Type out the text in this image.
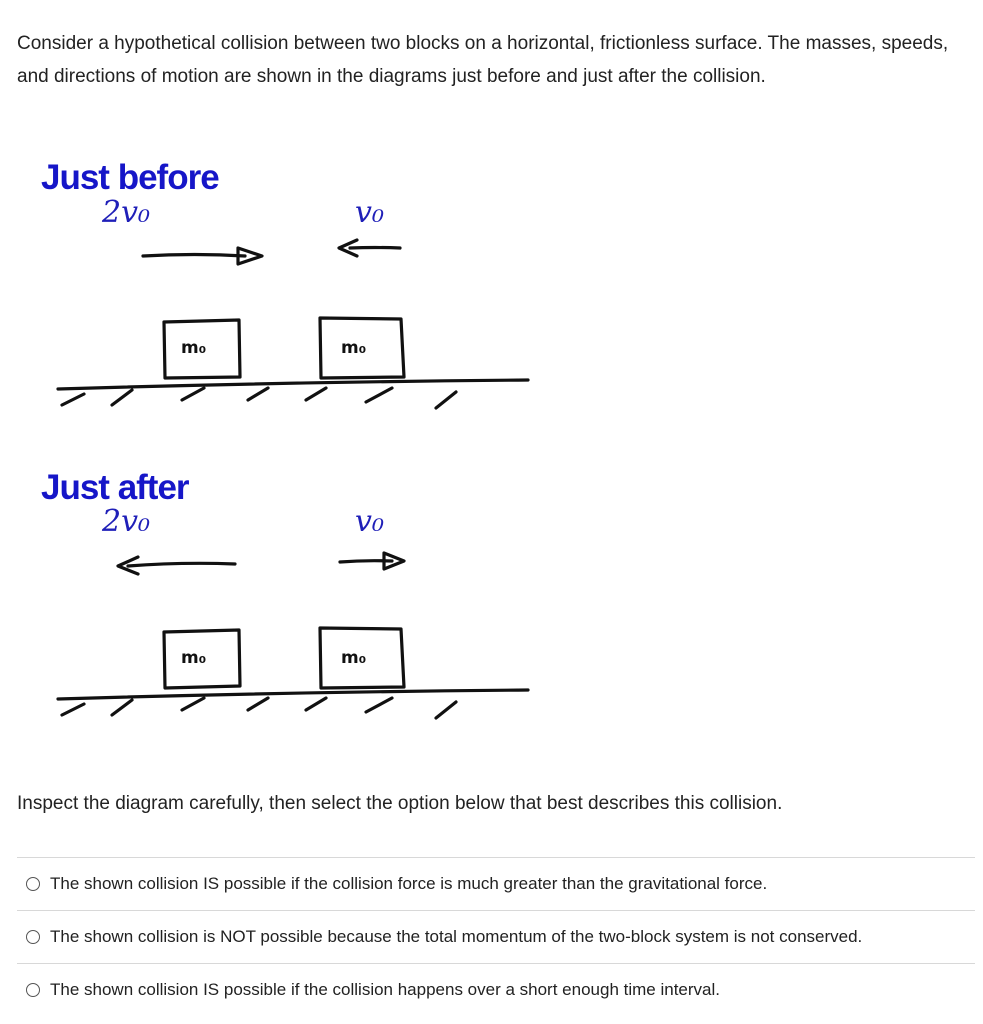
Consider a hypothetical collision between two blocks on a horizontal, frictionless surface. The masses, speeds, and directions of motion are shown in the diagrams just before and just after the collision.

Just before
2v₀	v₀
m₀	m₀
Just after
2v₀	v₀
m₀	m₀

Inspect the diagram carefully, then select the option below that best describes this collision.

The shown collision IS possible if the collision force is much greater than the gravitational force.
The shown collision is NOT possible because the total momentum of the two-block system is not conserved.
The shown collision IS possible if the collision happens over a short enough time interval.
